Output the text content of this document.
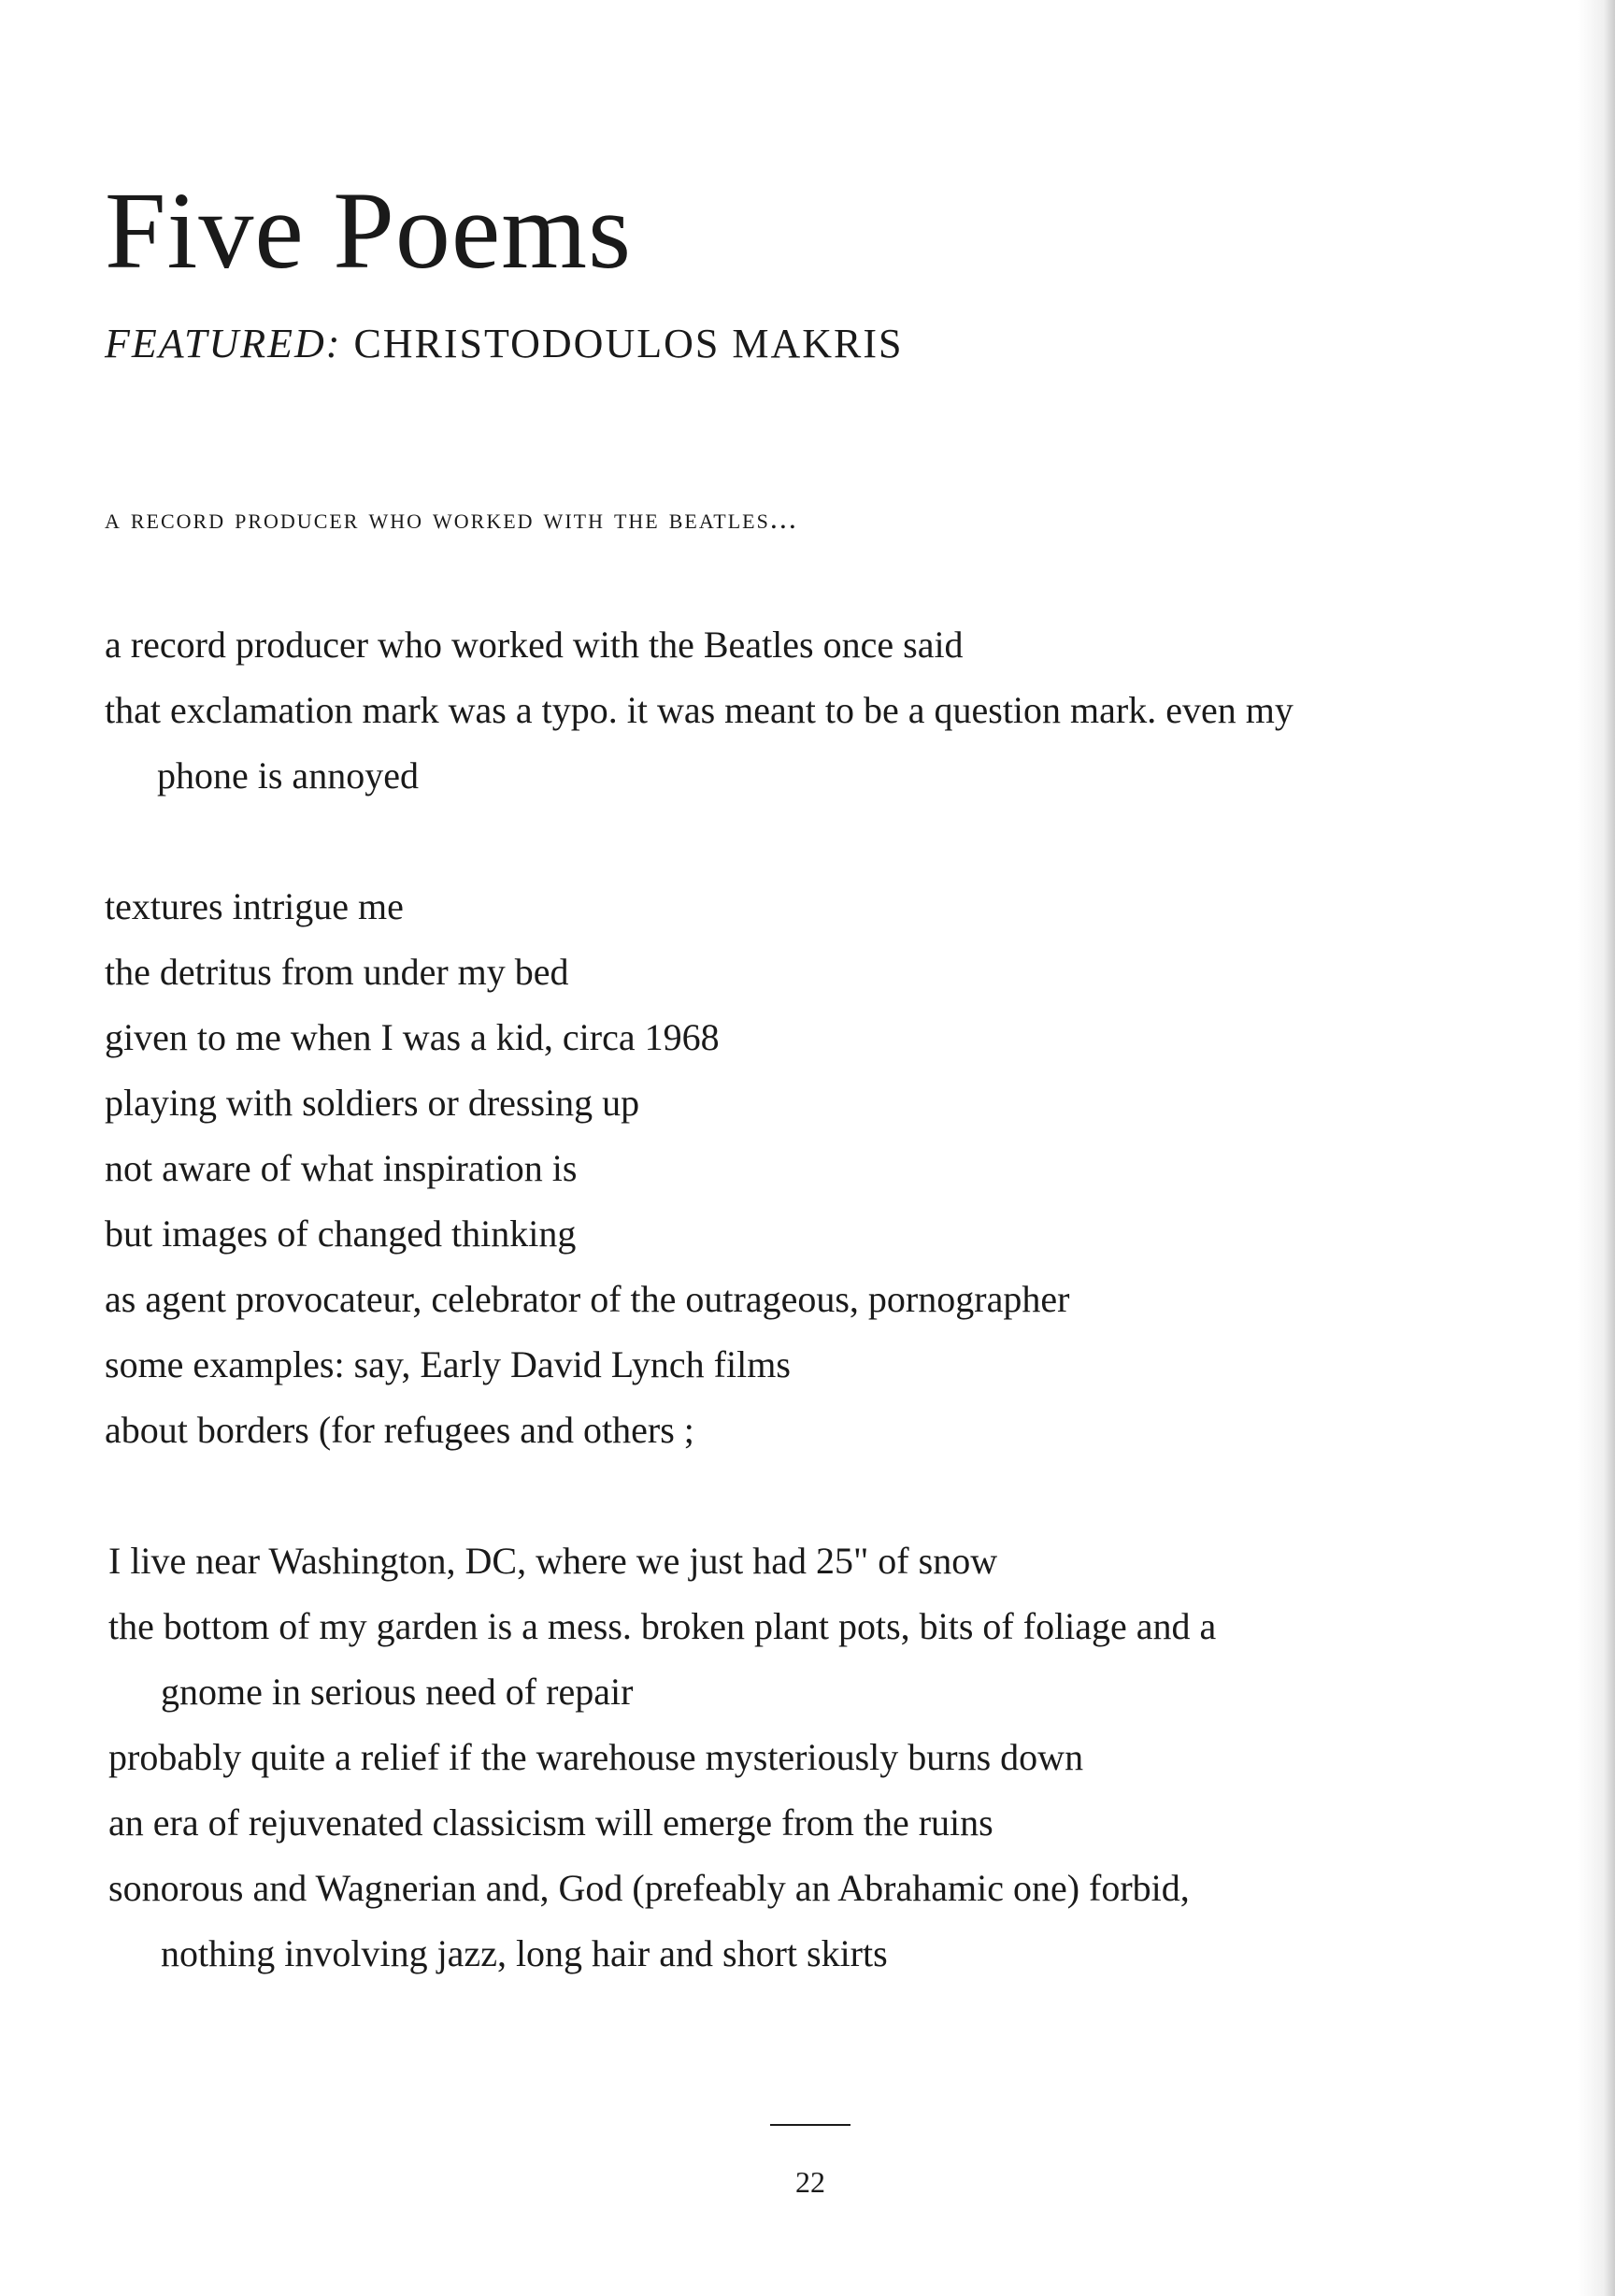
Five Poems
FEATURED: CHRISTODOULOS MAKRIS
a record producer who worked with the beatles...
a record producer who worked with the Beatles once said
that exclamation mark was a typo. it was meant to be a question mark. even my
phone is annoyed
textures intrigue me
the detritus from under my bed
given to me when I was a kid, circa 1968
playing with soldiers or dressing up
not aware of what inspiration is
but images of changed thinking
as agent provocateur, celebrator of the outrageous, pornographer
some examples: say, Early David Lynch films
about borders (for refugees and others ;
I live near Washington, DC, where we just had 25" of snow
the bottom of my garden is a mess. broken plant pots, bits of foliage and a
gnome in serious need of repair
probably quite a relief if the warehouse mysteriously burns down
an era of rejuvenated classicism will emerge from the ruins
sonorous and Wagnerian and, God (prefeably an Abrahamic one) forbid,
nothing involving jazz, long hair and short skirts
22
